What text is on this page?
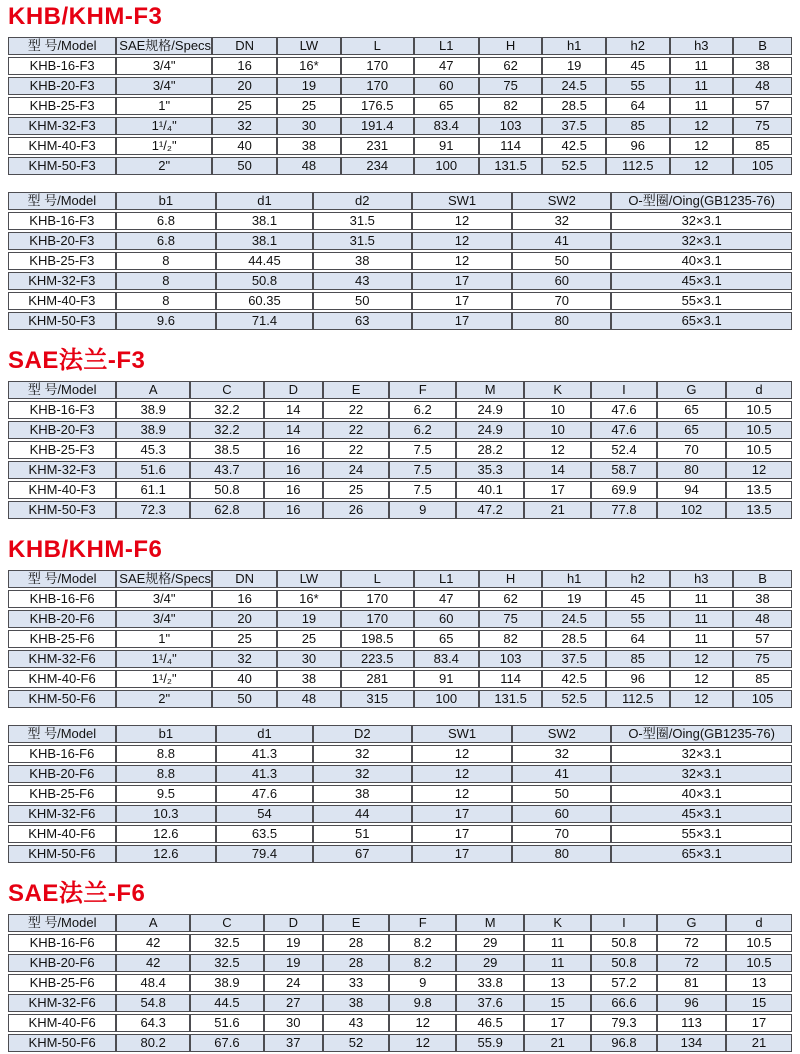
KHB/KHM-F3
型 号/Model	SAE规格/Specs	DN	LW	L	L1	H	h1	h2	h3	B
KHB-16-F3	3/4"	16	16*	170	47	62	19	45	11	38
KHB-20-F3	3/4"	20	19	170	60	75	24.5	55	11	48
KHB-25-F3	1"	25	25	176.5	65	82	28.5	64	11	57
KHM-32-F3	1¹/₄"	32	30	191.4	83.4	103	37.5	85	12	75
KHM-40-F3	1¹/₂"	40	38	231	91	114	42.5	96	12	85
KHM-50-F3	2"	50	48	234	100	131.5	52.5	112.5	12	105
型 号/Model	b1	d1	d2	SW1	SW2	O-型圈/Oing(GB1235-76)
KHB-16-F3	6.8	38.1	31.5	12	32	32×3.1
KHB-20-F3	6.8	38.1	31.5	12	41	32×3.1
KHB-25-F3	8	44.45	38	12	50	40×3.1
KHM-32-F3	8	50.8	43	17	60	45×3.1
KHM-40-F3	8	60.35	50	17	70	55×3.1
KHM-50-F3	9.6	71.4	63	17	80	65×3.1
SAE法兰-F3
型 号/Model	A	C	D	E	F	M	K	I	G	d
KHB-16-F3	38.9	32.2	14	22	6.2	24.9	10	47.6	65	10.5
KHB-20-F3	38.9	32.2	14	22	6.2	24.9	10	47.6	65	10.5
KHB-25-F3	45.3	38.5	16	22	7.5	28.2	12	52.4	70	10.5
KHM-32-F3	51.6	43.7	16	24	7.5	35.3	14	58.7	80	12
KHM-40-F3	61.1	50.8	16	25	7.5	40.1	17	69.9	94	13.5
KHM-50-F3	72.3	62.8	16	26	9	47.2	21	77.8	102	13.5
KHB/KHM-F6
型 号/Model	SAE规格/Specs	DN	LW	L	L1	H	h1	h2	h3	B
KHB-16-F6	3/4"	16	16*	170	47	62	19	45	11	38
KHB-20-F6	3/4"	20	19	170	60	75	24.5	55	11	48
KHB-25-F6	1"	25	25	198.5	65	82	28.5	64	11	57
KHM-32-F6	1¹/₄"	32	30	223.5	83.4	103	37.5	85	12	75
KHM-40-F6	1¹/₂"	40	38	281	91	114	42.5	96	12	85
KHM-50-F6	2"	50	48	315	100	131.5	52.5	112.5	12	105
型 号/Model	b1	d1	D2	SW1	SW2	O-型圈/Oing(GB1235-76)
KHB-16-F6	8.8	41.3	32	12	32	32×3.1
KHB-20-F6	8.8	41.3	32	12	41	32×3.1
KHB-25-F6	9.5	47.6	38	12	50	40×3.1
KHM-32-F6	10.3	54	44	17	60	45×3.1
KHM-40-F6	12.6	63.5	51	17	70	55×3.1
KHM-50-F6	12.6	79.4	67	17	80	65×3.1
SAE法兰-F6
型 号/Model	A	C	D	E	F	M	K	I	G	d
KHB-16-F6	42	32.5	19	28	8.2	29	11	50.8	72	10.5
KHB-20-F6	42	32.5	19	28	8.2	29	11	50.8	72	10.5
KHB-25-F6	48.4	38.9	24	33	9	33.8	13	57.2	81	13
KHM-32-F6	54.8	44.5	27	38	9.8	37.6	15	66.6	96	15
KHM-40-F6	64.3	51.6	30	43	12	46.5	17	79.3	113	17
KHM-50-F6	80.2	67.6	37	52	12	55.9	21	96.8	134	21
